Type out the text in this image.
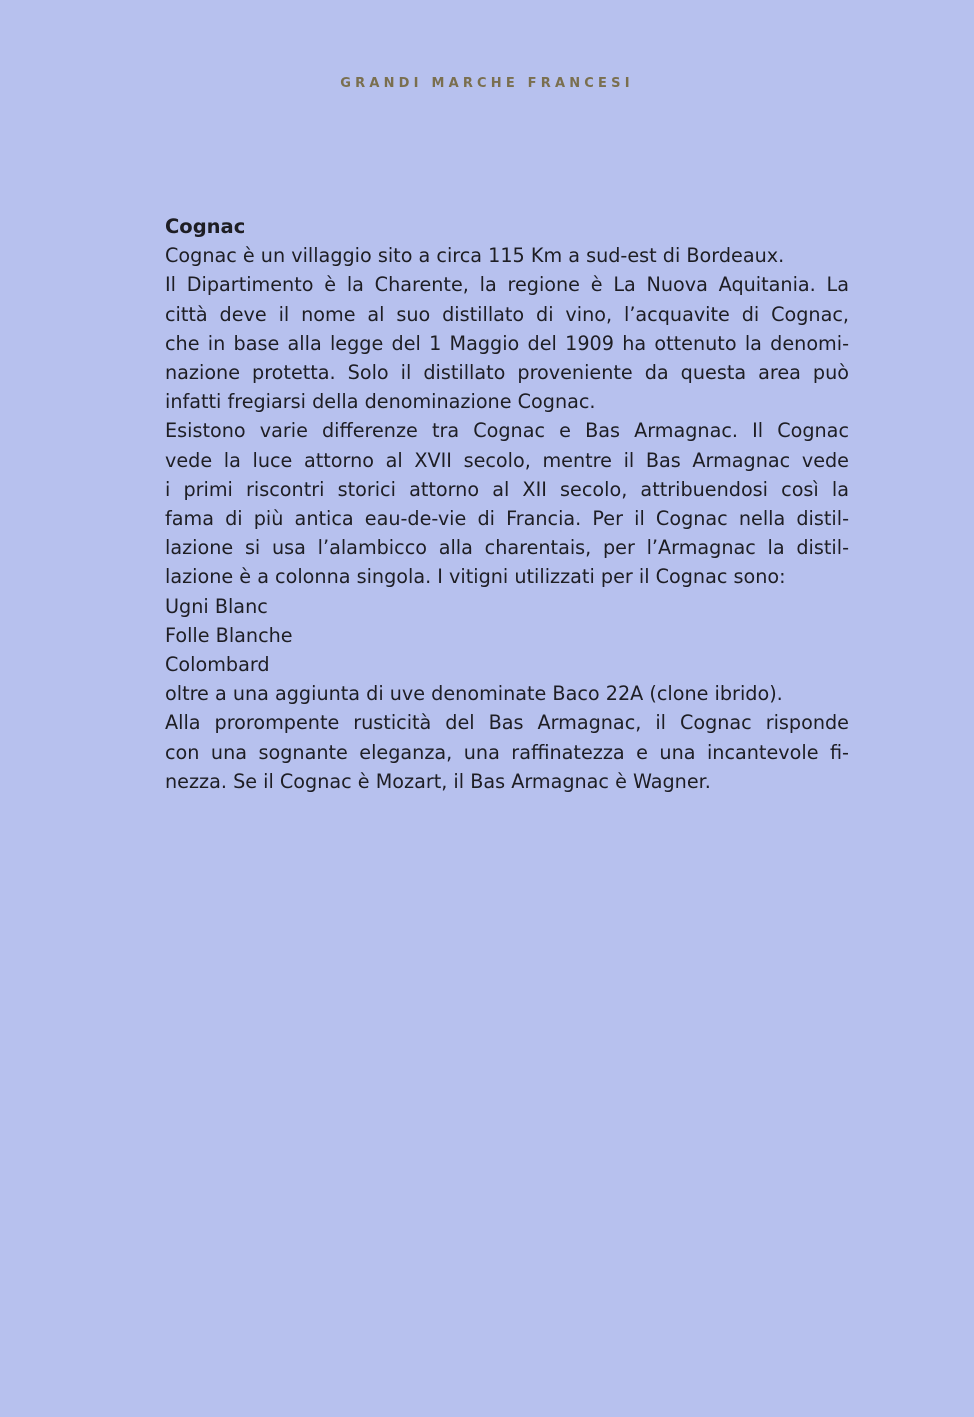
GRANDI MARCHE FRANCESI
Cognac
Cognac è un villaggio sito a circa 115 Km a sud-est di Bordeaux.
Il Dipartimento è la Charente, la regione è La Nuova Aquitania. La
città deve il nome al suo distillato di vino, l’acquavite di Cognac,
che in base alla legge del 1 Maggio del 1909 ha ottenuto la denomi-
nazione protetta. Solo il distillato proveniente da questa area può
infatti fregiarsi della denominazione Cognac.
Esistono varie differenze tra Cognac e Bas Armagnac. Il Cognac
vede la luce attorno al XVII secolo, mentre il Bas Armagnac vede
i primi riscontri storici attorno al XII secolo, attribuendosi così la
fama di più antica eau-de-vie di Francia. Per il Cognac nella distil-
lazione si usa l’alambicco alla charentais, per l’Armagnac la distil-
lazione è a colonna singola. I vitigni utilizzati per il Cognac sono:
Ugni Blanc
Folle Blanche
Colombard
oltre a una aggiunta di uve denominate Baco 22A (clone ibrido).
Alla prorompente rusticità del Bas Armagnac, il Cognac risponde
con una sognante eleganza, una raffinatezza e una incantevole fi-
nezza. Se il Cognac è Mozart, il Bas Armagnac è Wagner.
